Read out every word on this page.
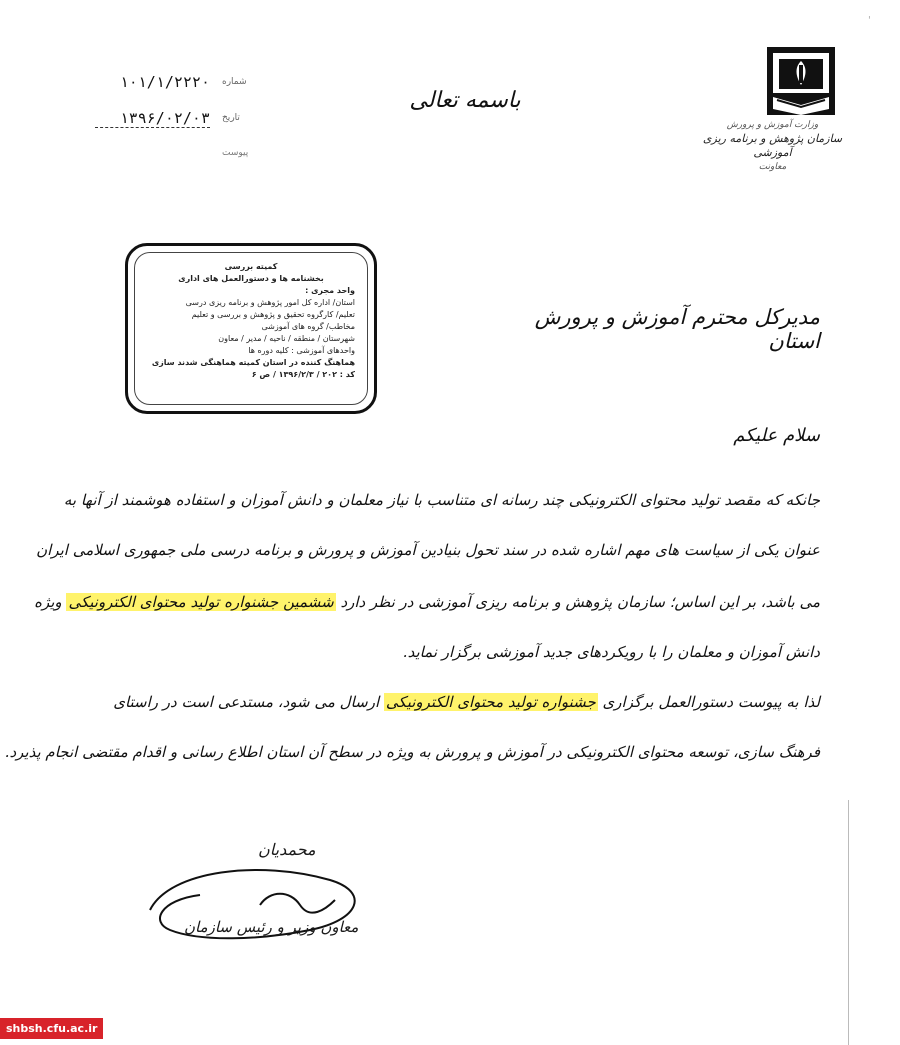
'
۱۰۱/۱/۲۲۲۰ شماره
۱۳۹۶/۰۲/۰۳ تاریخ
پیوست
باسمه تعالی
وزارت آموزش و پرورش
سازمان پژوهش و برنامه ریزی آموزشی
معاونت
کمیته بررسی
بخشنامه ها و دستورالعمل های اداری
واحد مجری :
استان/ اداره کل امور پژوهش و برنامه ریزی درسی
تعلیم/ کارگروه تحقیق و پژوهش و بررسی و تعلیم
مخاطب/ گروه های آموزشی
شهرستان / منطقه / ناحیه / مدیر / معاون
واحدهای آموزشی : کلیه دوره ها
هماهنگ کننده در استان کمیته هماهنگی شدند سازی
کد : ۲۰۲ / ۱۳۹۶/۲/۳ / ص ۶
مدیرکل محترم آموزش و پرورش استان
سلام علیکم
جانکه که مقصد تولید محتوای الکترونیکی چند رسانه ای متناسب با نیاز معلمان و دانش آموزان و استفاده هوشمند از آنها به
عنوان یکی از سیاست های مهم اشاره شده در سند تحول بنیادین آموزش و پرورش و برنامه درسی ملی جمهوری اسلامی ایران
می باشد، بر این اساس؛ سازمان پژوهش و برنامه ریزی آموزشی در نظر دارد ششمین جشنواره تولید محتوای الکترونیکی ویژه
دانش آموزان و معلمان را با رویکردهای جدید آموزشی برگزار نماید.
لذا به پیوست دستورالعمل برگزاری جشنواره تولید محتوای الکترونیکی ارسال می شود، مستدعی است در راستای
فرهنگ سازی، توسعه محتوای الکترونیکی در آموزش و پرورش به ویژه در سطح آن استان اطلاع رسانی و اقدام مقتضی انجام پذیرد.
محمدیان
معاون وزیر و رئیس سازمان
shbsh.cfu.ac.ir
